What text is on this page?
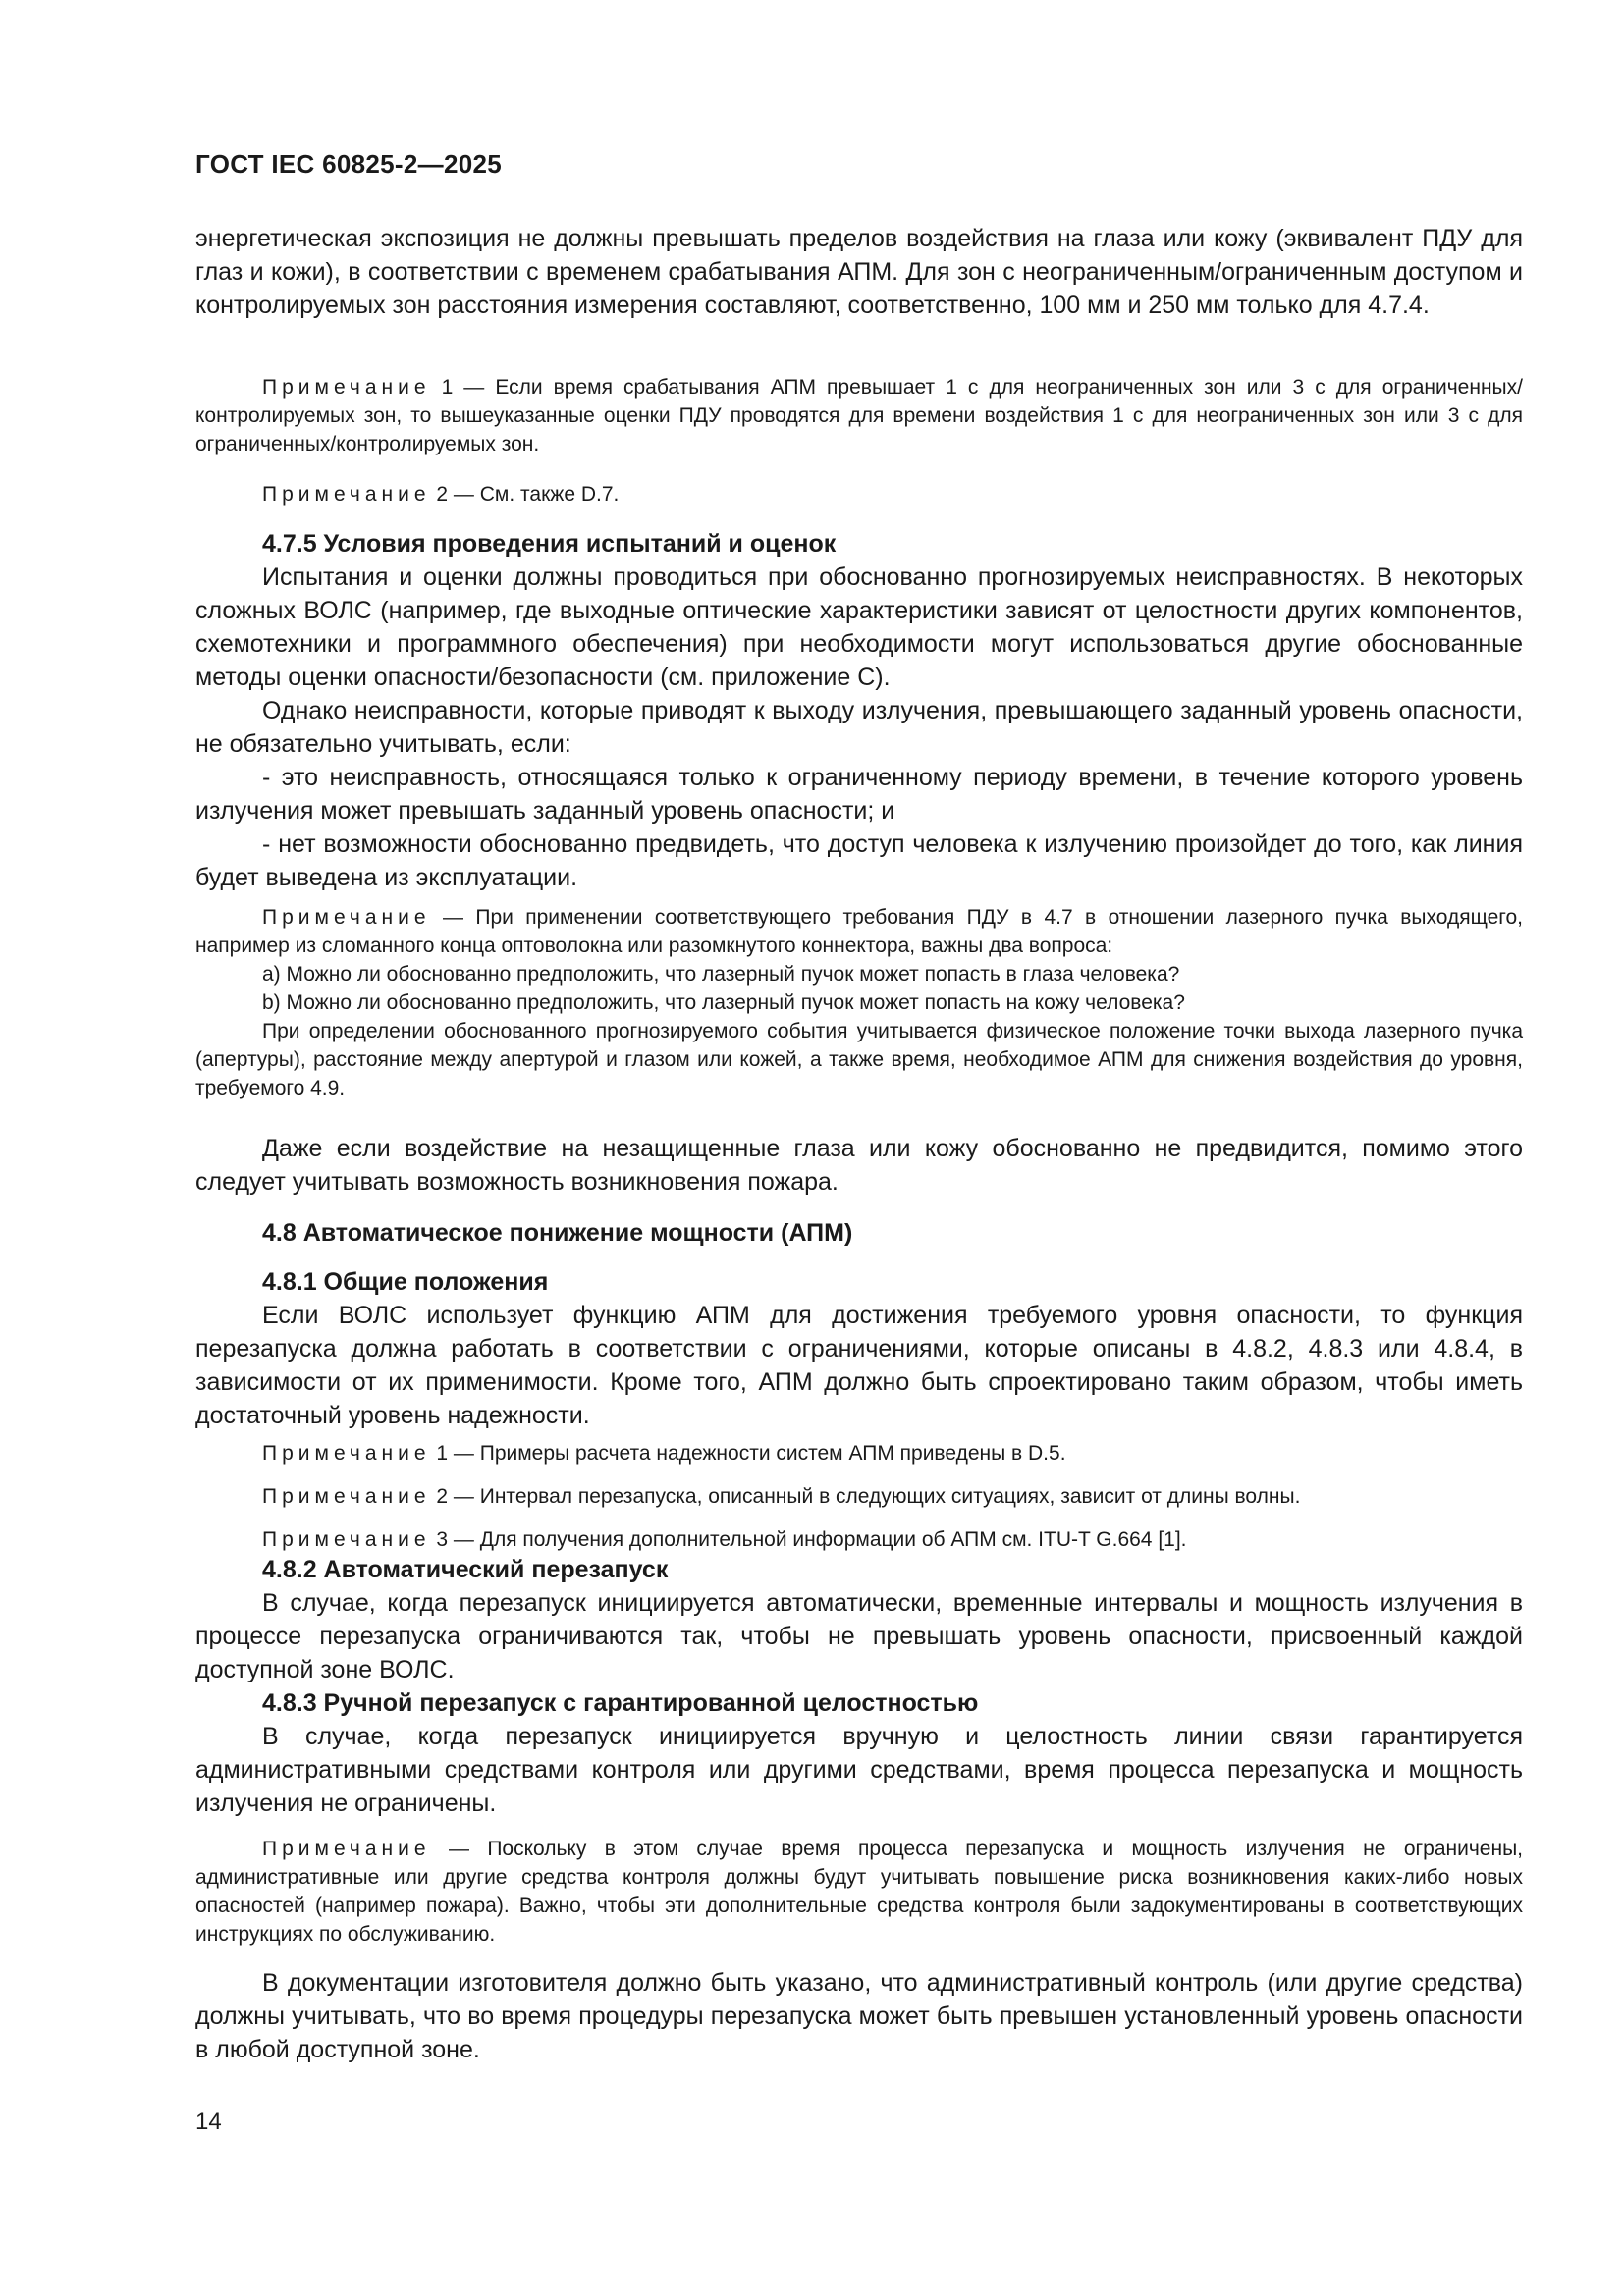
ГОСТ IEC 60825-2—2025

энергетическая экспозиция не должны превышать пределов воздействия на глаза или кожу (эквивалент ПДУ для глаз и кожи), в соответствии с временем срабатывания АПМ. Для зон с неограниченным/ограниченным доступом и контролируемых зон расстояния измерения составляют, соответственно, 100 мм и 250 мм только для 4.7.4.

Примечание 1 — Если время срабатывания АПМ превышает 1 с для неограниченных зон или 3 с для ограниченных/контролируемых зон, то вышеуказанные оценки ПДУ проводятся для времени воздействия 1 с для неограниченных зон или 3 с для ограниченных/контролируемых зон.

Примечание 2 — См. также D.7.

4.7.5 Условия проведения испытаний и оценок

Испытания и оценки должны проводиться при обоснованно прогнозируемых неисправностях. В некоторых сложных ВОЛС (например, где выходные оптические характеристики зависят от целостности других компонентов, схемотехники и программного обеспечения) при необходимости могут использоваться другие обоснованные методы оценки опасности/безопасности (см. приложение С).

Однако неисправности, которые приводят к выходу излучения, превышающего заданный уровень опасности, не обязательно учитывать, если:

- это неисправность, относящаяся только к ограниченному периоду времени, в течение которого уровень излучения может превышать заданный уровень опасности; и

- нет возможности обоснованно предвидеть, что доступ человека к излучению произойдет до того, как линия будет выведена из эксплуатации.

Примечание — При применении соответствующего требования ПДУ в 4.7 в отношении лазерного пучка выходящего, например из сломанного конца оптоволокна или разомкнутого коннектора, важны два вопроса:

a) Можно ли обоснованно предположить, что лазерный пучок может попасть в глаза человека?

b) Можно ли обоснованно предположить, что лазерный пучок может попасть на кожу человека?

При определении обоснованного прогнозируемого события учитывается физическое положение точки выхода лазерного пучка (апертуры), расстояние между апертурой и глазом или кожей, а также время, необходимое АПМ для снижения воздействия до уровня, требуемого 4.9.

Даже если воздействие на незащищенные глаза или кожу обоснованно не предвидится, помимо этого следует учитывать возможность возникновения пожара.

4.8 Автоматическое понижение мощности (АПМ)

4.8.1 Общие положения

Если ВОЛС использует функцию АПМ для достижения требуемого уровня опасности, то функция перезапуска должна работать в соответствии с ограничениями, которые описаны в 4.8.2, 4.8.3 или 4.8.4, в зависимости от их применимости. Кроме того, АПМ должно быть спроектировано таким образом, чтобы иметь достаточный уровень надежности.

Примечание 1 — Примеры расчета надежности систем АПМ приведены в D.5.

Примечание 2 — Интервал перезапуска, описанный в следующих ситуациях, зависит от длины волны.

Примечание 3 — Для получения дополнительной информации об АПМ см. ITU-T G.664 [1].

4.8.2 Автоматический перезапуск

В случае, когда перезапуск инициируется автоматически, временные интервалы и мощность излучения в процессе перезапуска ограничиваются так, чтобы не превышать уровень опасности, присвоенный каждой доступной зоне ВОЛС.

4.8.3 Ручной перезапуск с гарантированной целостностью

В случае, когда перезапуск инициируется вручную и целостность линии связи гарантируется административными средствами контроля или другими средствами, время процесса перезапуска и мощность излучения не ограничены.

Примечание — Поскольку в этом случае время процесса перезапуска и мощность излучения не ограничены, административные или другие средства контроля должны будут учитывать повышение риска возникновения каких-либо новых опасностей (например пожара). Важно, чтобы эти дополнительные средства контроля были задокументированы в соответствующих инструкциях по обслуживанию.

В документации изготовителя должно быть указано, что административный контроль (или другие средства) должны учитывать, что во время процедуры перезапуска может быть превышен установленный уровень опасности в любой доступной зоне.

14
